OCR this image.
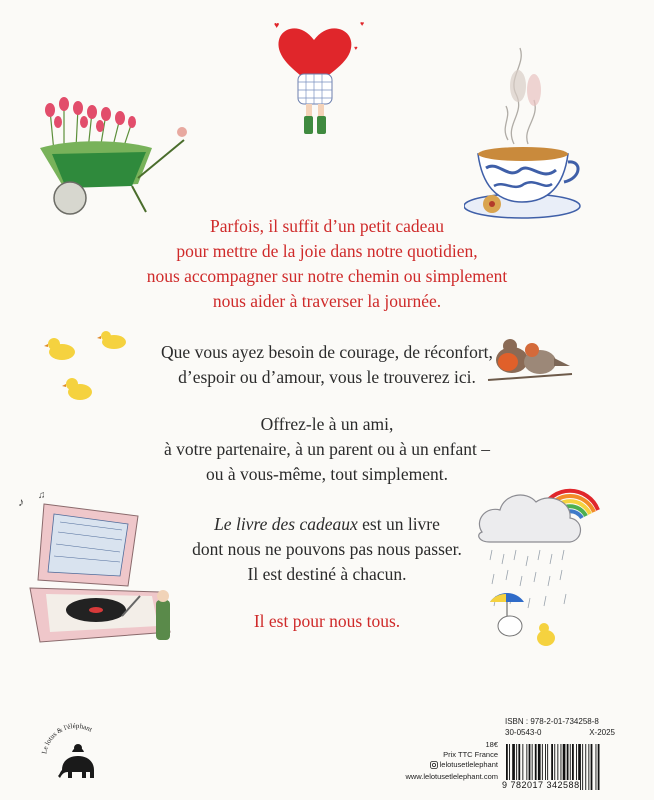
♥	♥
♥
♪ ♫
Parfois, il suffit d’un petit cadeau
pour mettre de la joie dans notre quotidien,
nous accompagner sur notre chemin ou simplement
nous aider à traverser la journée.
Que vous ayez besoin de courage, de réconfort,
d’espoir ou d’amour, vous le trouverez ici.
Offrez-le à un ami,
à votre partenaire, à un parent ou à un enfant –
ou à vous-même, tout simplement.
Le livre des cadeaux est un livre
dont nous ne pouvons pas nous passer.
Il est destiné à chacun.
Il est pour nous tous.
Le lotus & l'éléphant
ISBN : 978-2-01-734258-8
30-0543-0	X-2025
18€
Prix TTC France
lelotusetlelephant
www.lelotusetlelephant.com
9 782017 342588
